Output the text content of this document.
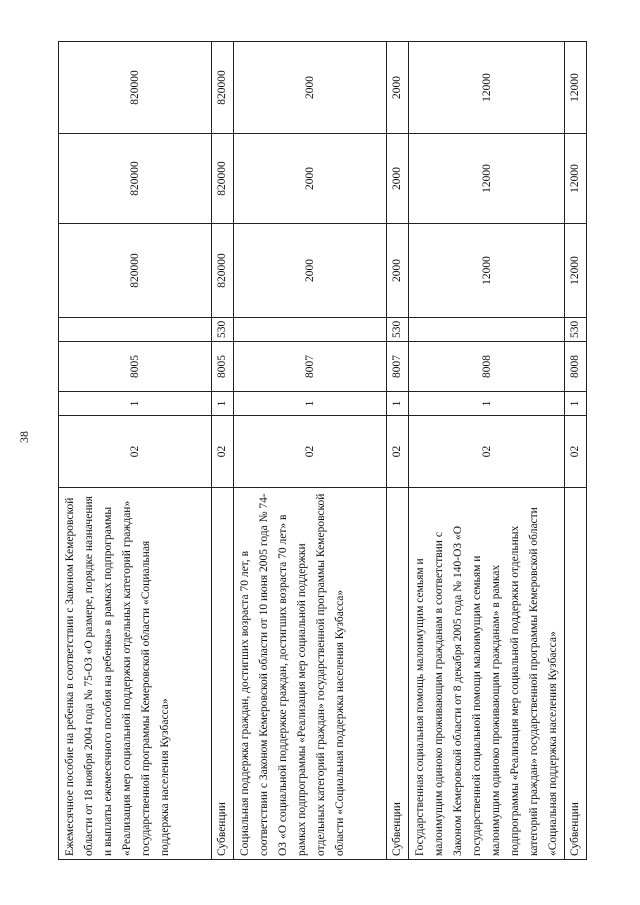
38
Ежемесячное пособие на ребенка в соответствии с Законом Кемеровской области от 18 ноября 2004 года № 75-ОЗ «О размере, порядке назначения и выплаты ежемесячного пособия на ребенка» в рамках подпрограммы «Реализация мер социальной поддержки отдельных категорий граждан» государственной программы Кемеровской области «Социальная поддержка населения Кузбасса»	02	1	8005		820000	820000	820000
Субвенции	02	1	8005	530	820000	820000	820000
Социальная поддержка граждан, достигших возраста 70 лет, в соответствии с Законом Кемеровской области от 10 июня 2005 года № 74-ОЗ «О социальной поддержке граждан, достигших возраста 70 лет» в рамках подпрограммы «Реализация мер социальной поддержки отдельных категорий граждан» государственной программы Кемеровской области «Социальная поддержка населения Кузбасса»	02	1	8007		2000	2000	2000
Субвенции	02	1	8007	530	2000	2000	2000
Государственная социальная помощь малоимущим семьям и малоимущим одиноко проживающим гражданам в соответствии с Законом Кемеровской области от 8 декабря 2005 года № 140-ОЗ «О государственной социальной помощи малоимущим семьям и малоимущим одиноко проживающим гражданам» в рамках подпрограммы «Реализация мер социальной поддержки отдельных категорий граждан» государственной программы Кемеровской области «Социальная поддержка населения Кузбасса»	02	1	8008		12000	12000	12000
Субвенции	02	1	8008	530	12000	12000	12000
